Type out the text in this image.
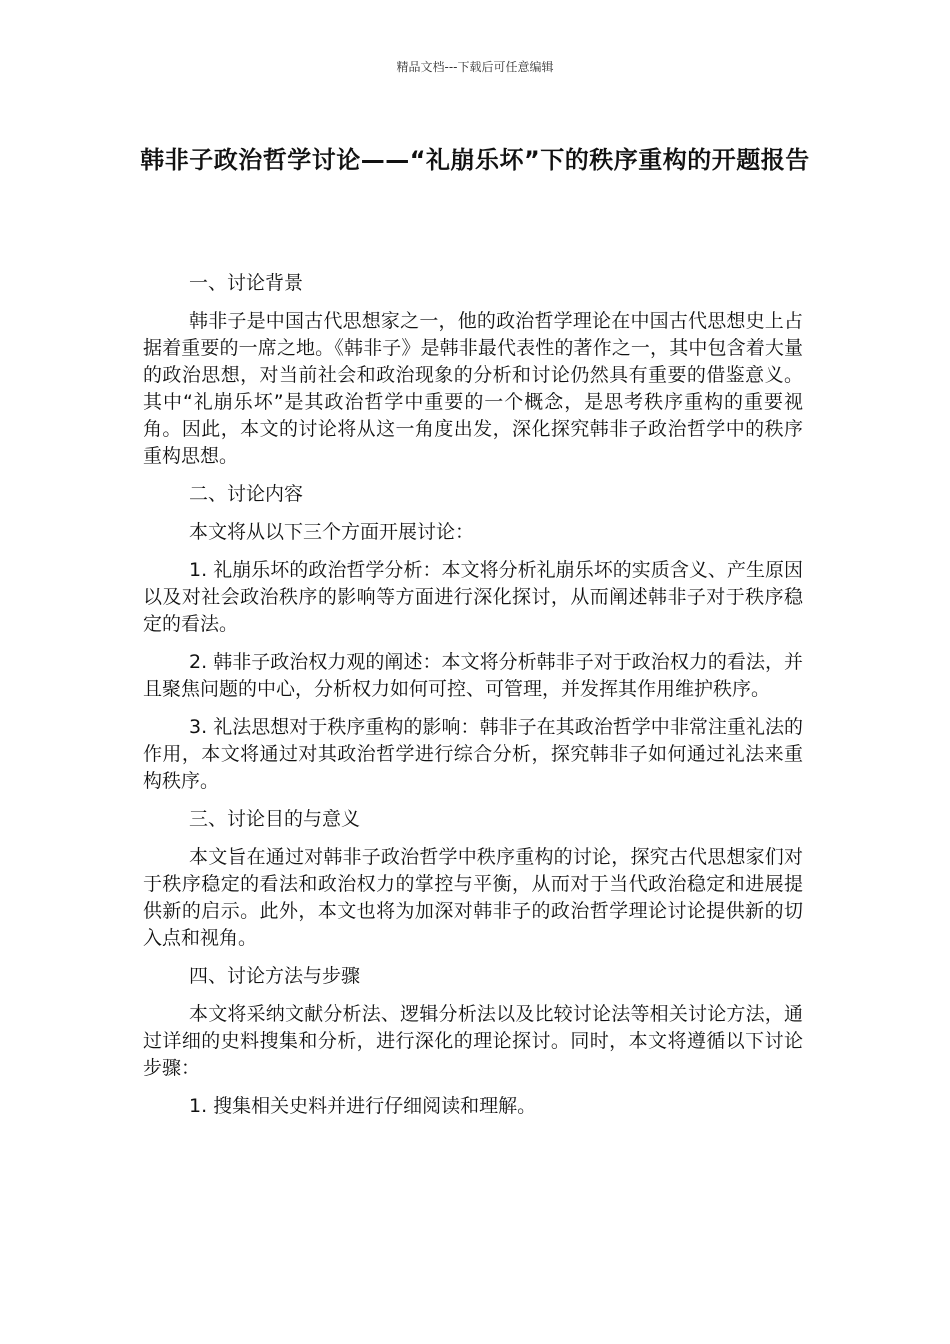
精品文档---下载后可任意编辑
韩非子政治哲学讨论——“礼崩乐坏”下的秩序重构的开题报告

一、讨论背景

韩非子是中国古代思想家之一，他的政治哲学理论在中国古代思想史上占据着重要的一席之地。《韩非子》是韩非最代表性的著作之一，其中包含着大量的政治思想，对当前社会和政治现象的分析和讨论仍然具有重要的借鉴意义。其中“礼崩乐坏”是其政治哲学中重要的一个概念，是思考秩序重构的重要视角。因此，本文的讨论将从这一角度出发，深化探究韩非子政治哲学中的秩序重构思想。

二、讨论内容

本文将从以下三个方面开展讨论：

1. 礼崩乐坏的政治哲学分析：本文将分析礼崩乐坏的实质含义、产生原因以及对社会政治秩序的影响等方面进行深化探讨，从而阐述韩非子对于秩序稳定的看法。

2. 韩非子政治权力观的阐述：本文将分析韩非子对于政治权力的看法，并且聚焦问题的中心，分析权力如何可控、可管理，并发挥其作用维护秩序。

3. 礼法思想对于秩序重构的影响：韩非子在其政治哲学中非常注重礼法的作用，本文将通过对其政治哲学进行综合分析，探究韩非子如何通过礼法来重构秩序。

三、讨论目的与意义

本文旨在通过对韩非子政治哲学中秩序重构的讨论，探究古代思想家们对于秩序稳定的看法和政治权力的掌控与平衡，从而对于当代政治稳定和进展提供新的启示。此外，本文也将为加深对韩非子的政治哲学理论讨论提供新的切入点和视角。

四、讨论方法与步骤

本文将采纳文献分析法、逻辑分析法以及比较讨论法等相关讨论方法，通过详细的史料搜集和分析，进行深化的理论探讨。同时，本文将遵循以下讨论步骤：

1. 搜集相关史料并进行仔细阅读和理解。
